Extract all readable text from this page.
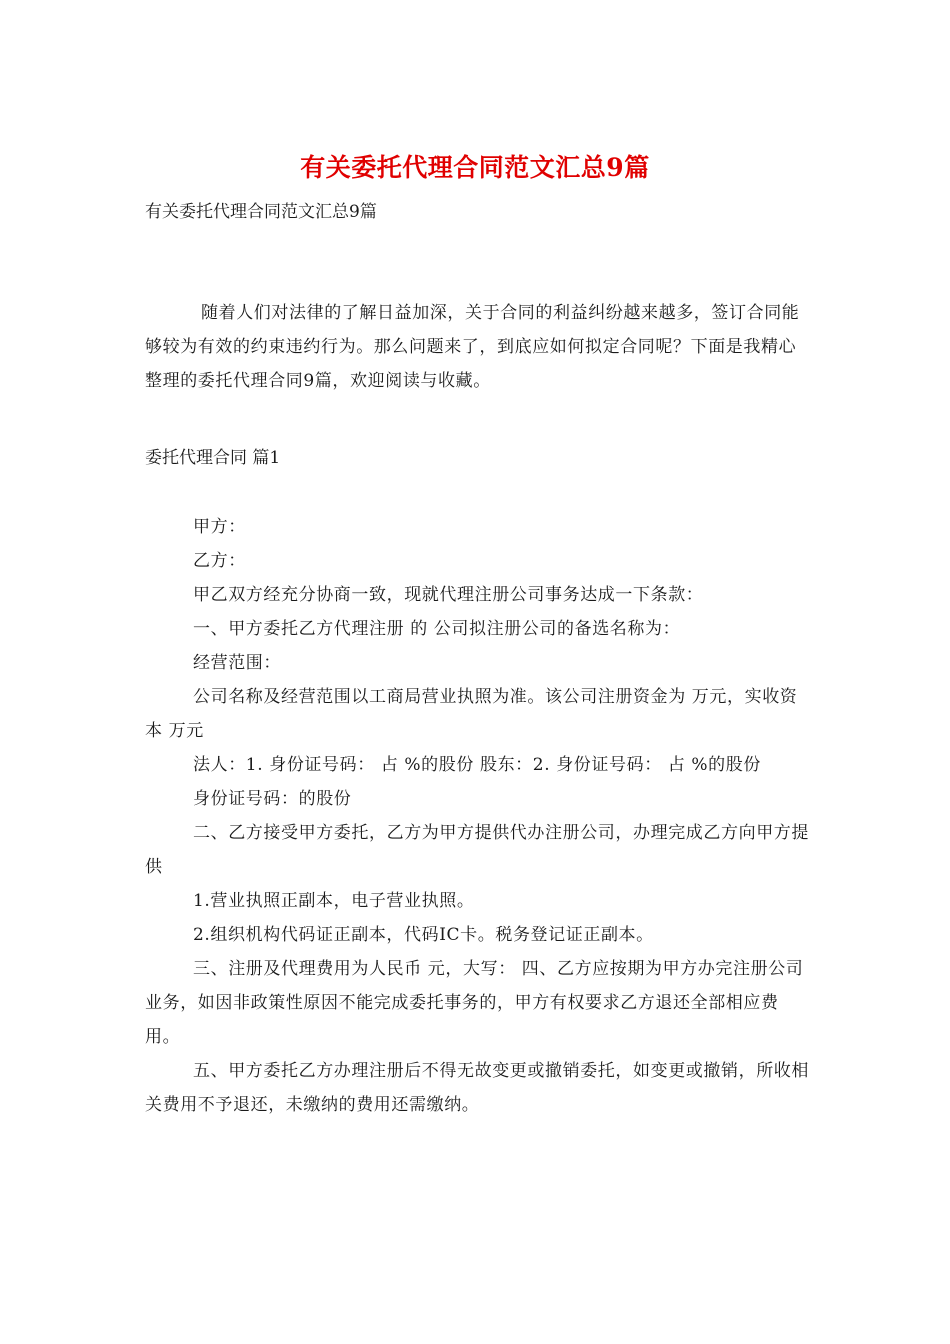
有关委托代理合同范文汇总9篇
有关委托代理合同范文汇总9篇

随着人们对法律的了解日益加深，关于合同的利益纠纷越来越多，签订合同能够较为有效的约束违约行为。那么问题来了，到底应如何拟定合同呢？下面是我精心整理的委托代理合同9篇，欢迎阅读与收藏。

委托代理合同 篇1

甲方：

乙方：

甲乙双方经充分协商一致，现就代理注册公司事务达成一下条款：

一、甲方委托乙方代理注册 的 公司拟注册公司的备选名称为：

经营范围：

公司名称及经营范围以工商局营业执照为准。该公司注册资金为 万元，实收资本 万元

法人：1. 身份证号码： 占 %的股份 股东：2. 身份证号码： 占 %的股份

身份证号码：的股份

二、乙方接受甲方委托，乙方为甲方提供代办注册公司，办理完成乙方向甲方提供

1.营业执照正副本，电子营业执照。

2.组织机构代码证正副本，代码IC卡。税务登记证正副本。

三、注册及代理费用为人民币 元，大写： 四、乙方应按期为甲方办完注册公司业务，如因非政策性原因不能完成委托事务的，甲方有权要求乙方退还全部相应费用。

五、甲方委托乙方办理注册后不得无故变更或撤销委托，如变更或撤销，所收相关费用不予退还，未缴纳的费用还需缴纳。
